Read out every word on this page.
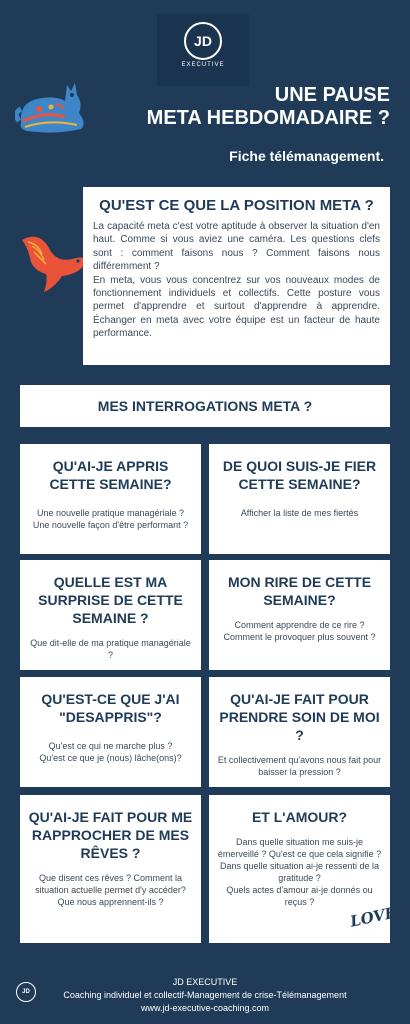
JD
EXECUTIVE
· · · · · · · ·
UNE PAUSE
META HEBDOMADAIRE ?
Fiche télémanagement.
QU'EST CE QUE LA POSITION META ?

La capacité meta c'est votre aptitude à observer la situation d'en haut. Comme si vous aviez une caméra. Les questions clefs sont : comment faisons nous ? Comment faisons nous différemment ?

En meta, vous vous concentrez sur vos nouveaux modes de fonctionnement individuels et collectifs. Cette posture vous permet d'apprendre et surtout d'apprendre à apprendre. Échanger en meta avec votre équipe est un facteur de haute performance.

MES INTERROGATIONS META ?
QU'AI-JE APPRIS CETTE SEMAINE?

Une nouvelle pratique managériale ?
Une nouvelle façon d'être performant ?

DE QUOI SUIS-JE FIER CETTE SEMAINE?

Afficher la liste de mes fiertés

QUELLE EST MA SURPRISE DE CETTE SEMAINE ?

Que dit-elle de ma pratique managériale ?

MON RIRE DE CETTE SEMAINE?

Comment apprendre de ce rire ?
Comment le provoquer plus souvent ?

QU'EST-CE QUE J'AI "DESAPPRIS"?

Qu'est ce qui ne marche plus ?
Qu'est ce que je (nous) lâche(ons)?

QU'AI-JE FAIT POUR PRENDRE SOIN DE MOI ?

Et collectivement qu'avons nous fait pour baisser la pression ?

QU'AI-JE FAIT POUR ME RAPPROCHER DE MES RÊVES ?

Que disent ces rêves ? Comment la situation actuelle permet d'y accéder?
Que nous apprennent-ils ?

ET L'AMOUR?

Dans quelle situation me suis-je émerveillé ? Qu'est ce que cela signifie ?
Dans quelle situation ai-je ressenti de la gratitude ?
Quels actes d'amour ai-je donnés ou reçus ?

LOVE
JD
JD EXECUTIVE
Coaching individuel et collectif-Management de crise-Télémanagement
www.jd-executive-coaching.com
